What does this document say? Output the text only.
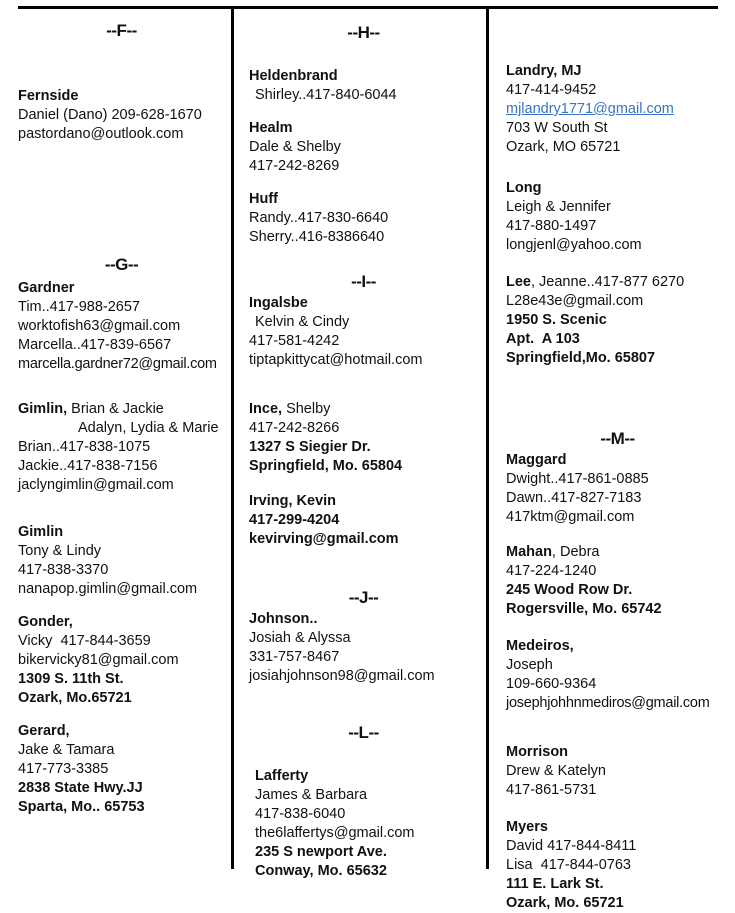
--F--
Fernside
Daniel (Dano) 209-628-1670
pastordano@outlook.com
--G--
Gardner
Tim..417-988-2657
worktofish63@gmail.com
Marcella..417-839-6567
marcella.gardner72@gmail.com
Gimlin, Brian & Jackie
Adalyn, Lydia & Marie
Brian..417-838-1075
Jackie..417-838-7156
jaclyngimlin@gmail.com
Gimlin
Tony & Lindy
417-838-3370
nanapop.gimlin@gmail.com
Gonder,
Vicky  417-844-3659
bikervicky81@gmail.com
1309 S. 11th St.
Ozark, Mo.65721
Gerard,
Jake & Tamara
417-773-3385
2838 State Hwy.JJ
Sparta, Mo.. 65753
--H--
Heldenbrand
Shirley..417-840-6044
Healm
Dale & Shelby
417-242-8269
Huff
Randy..417-830-6640
Sherry..416-8386640
--I--
Ingalsbe
Kelvin & Cindy
417-581-4242
tiptapkittycat@hotmail.com
Ince, Shelby
417-242-8266
1327 S Siegier Dr.
Springfield, Mo. 65804
Irving, Kevin
417-299-4204
kevirving@gmail.com
--J--
Johnson..
Josiah & Alyssa
331-757-8467
josiahjohnson98@gmail.com
--L--
Lafferty
James & Barbara
417-838-6040
the6laffertys@gmail.com
235 S newport Ave.
Conway, Mo. 65632
Landry, MJ
417-414-9452
mjlandry1771@gmail.com
703 W South St
Ozark, MO 65721
Long
Leigh & Jennifer
417-880-1497
longjenl@yahoo.com
Lee, Jeanne..417-877 6270
L28e43e@gmail.com
1950 S. Scenic
Apt.  A 103
Springfield,Mo. 65807
--M--
Maggard
Dwight..417-861-0885
Dawn..417-827-7183
417ktm@gmail.com
Mahan, Debra
417-224-1240
245 Wood Row Dr.
Rogersville, Mo. 65742
Medeiros,
Joseph
109-660-9364
josephjohhnmediros@gmail.com
Morrison
Drew & Katelyn
417-861-5731
Myers
David 417-844-8411
Lisa  417-844-0763
111 E. Lark St.
Ozark, Mo. 65721
